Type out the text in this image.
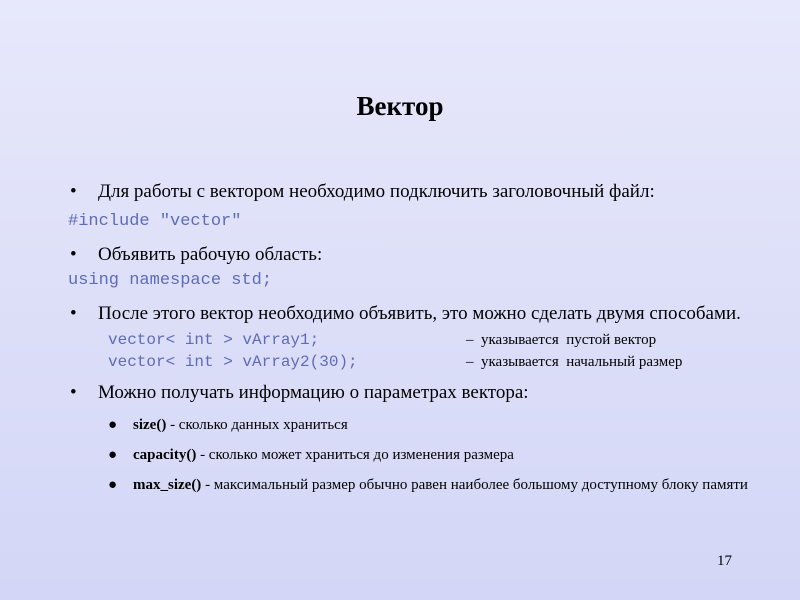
Вектор
• Для работы с вектором необходимо подключить заголовочный файл:
#include "vector"
• Объявить рабочую область:
using namespace std;
• После этого вектор необходимо объявить, это можно сделать двумя способами.
vector< int > vArray1;	–  указывается  пустой вектор
vector< int > vArray2(30);	–  указывается  начальный размер
• Можно получать информацию о параметрах вектора:
● size() - сколько данных храниться
● capacity() - сколько может храниться до изменения размера
● max_size() - максимальный размер обычно равен наиболее большому доступному блоку памяти
17
